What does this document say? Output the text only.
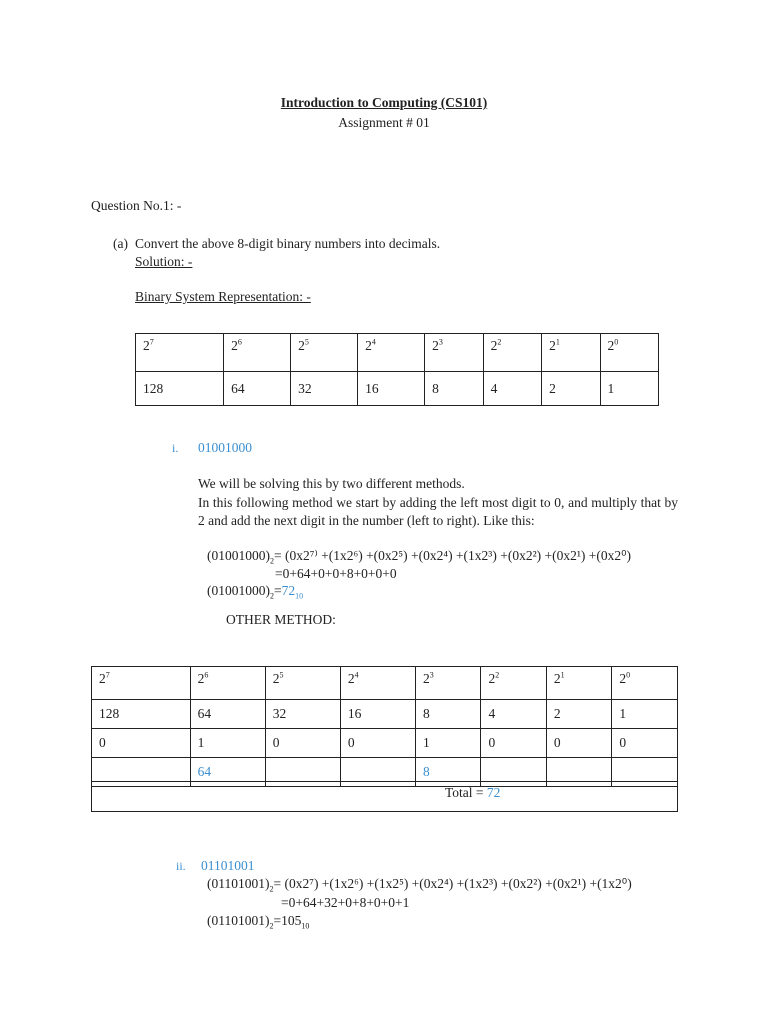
Introduction to Computing (CS101)
Assignment # 01
Question No.1: -
(a) Convert the above 8-digit binary numbers into decimals.
Solution: -
Binary System Representation: -
$2^7$	$2^6$	$2^5$	$2^4$	$2^3$	$2^2$	$2^1$	$2^0$
128	64	32	16	8	4	2	1
i. 01001000
We will be solving this by two different methods.
In this following method we start by adding the left most digit to 0, and multiply that by 2 and add the next digit in the number (left to right). Like this:
$(01001000)_2= (0x2^{7)} +(1x2^6) +(0x2^5) +(0x2^4) +(1x2^3) +(0x2^2) +(0x2^1) +(0x2^0)$
=0+64+0+0+8+0+0+0
$(01001000)_2=72_{10}$
OTHER METHOD:
$2^7$	$2^6$	$2^5$	$2^4$	$2^3$	$2^2$	$2^1$	$2^0$
128	64	32	16	8	4	2	1
0	1	0	0	1	0	0	0
	64			8			
Total = 72
ii. 01101001
$(01101001)_2= (0x2^7) +(1x2^6) +(1x2^5) +(0x2^4) +(1x2^3) +(0x2^2) +(0x2^1) +(1x2^0)$
=0+64+32+0+8+0+0+1
$(01101001)_2=105_{10}$
